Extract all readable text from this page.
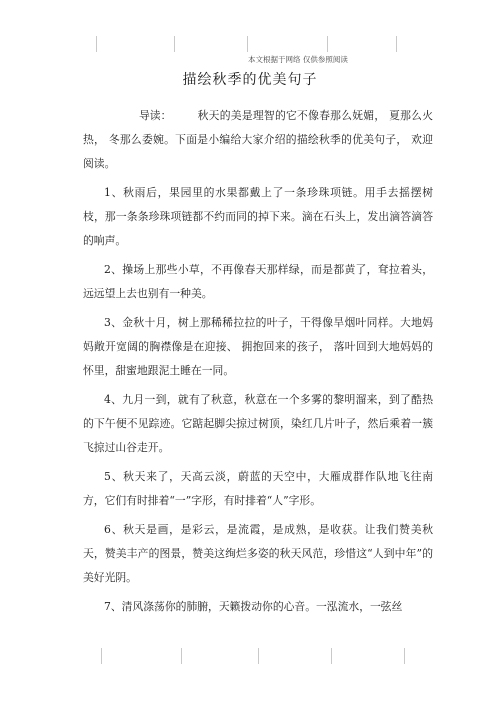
本文根据于网络 仅供参照阅读
描绘秋季的优美句子

导读： 秋天的美是理智的它不像春那么妩媚， 夏那么火热， 冬那么委婉。下面是小编给大家介绍的描绘秋季的优美句子， 欢迎阅读。

1、秋雨后，果园里的水果都戴上了一条珍珠项链。用手去摇摆树枝，那一条条珍珠项链都不约而同的掉下来。滴在石头上，发出滴答滴答的响声。

2、操场上那些小草，不再像春天那样绿，而是都黄了，耷拉着头，远远望上去也别有一种美。

3、金秋十月，树上那稀稀拉拉的叶子，干得像旱烟叶同样。大地妈妈敞开宽阔的胸襟像是在迎接、 拥抱回来的孩子， 落叶回到大地妈妈的怀里，甜蜜地跟泥土睡在一同。

4、九月一到，就有了秋意，秋意在一个多雾的黎明溜来，到了酷热的下午便不见踪迹。它踮起脚尖掠过树顶，染红几片叶子，然后乘着一簇飞掠过山谷走开。

5、秋天来了，天高云淡，蔚蓝的天空中，大雁成群作队地飞往南方，它们有时排着“一”字形，有时排着“人”字形。

6、秋天是画，是彩云，是流霞，是成熟，是收获。让我们赞美秋天，赞美丰产的图景，赞美这绚烂多姿的秋天风范，珍惜这“人到中年”的美好光阴。

7、清风涤荡你的肺腑，天籁拨动你的心音。一泓流水，一弦丝
